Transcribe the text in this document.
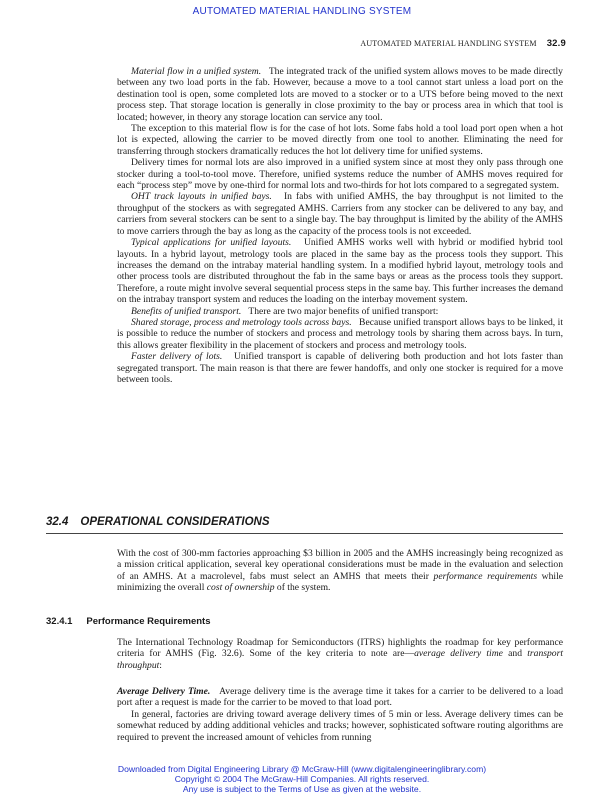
AUTOMATED MATERIAL HANDLING SYSTEM
AUTOMATED MATERIAL HANDLING SYSTEM 32.9

Material flow in a unified system. The integrated track of the unified system allows moves to be made directly between any two load ports in the fab. However, because a move to a tool cannot start unless a load port on the destination tool is open, some completed lots are moved to a stocker or to a UTS before being moved to the next process step. That storage location is generally in close proximity to the bay or process area in which that tool is located; however, in theory any storage location can service any tool.

The exception to this material flow is for the case of hot lots. Some fabs hold a tool load port open when a hot lot is expected, allowing the carrier to be moved directly from one tool to another. Eliminating the need for transferring through stockers dramatically reduces the hot lot delivery time for unified systems.

Delivery times for normal lots are also improved in a unified system since at most they only pass through one stocker during a tool-to-tool move. Therefore, unified systems reduce the number of AMHS moves required for each “process step” move by one-third for normal lots and two-thirds for hot lots compared to a segregated system.

OHT track layouts in unified bays. In fabs with unified AMHS, the bay throughput is not limited to the throughput of the stockers as with segregated AMHS. Carriers from any stocker can be delivered to any bay, and carriers from several stockers can be sent to a single bay. The bay throughput is limited by the ability of the AMHS to move carriers through the bay as long as the capacity of the process tools is not exceeded.

Typical applications for unified layouts. Unified AMHS works well with hybrid or modified hybrid tool layouts. In a hybrid layout, metrology tools are placed in the same bay as the process tools they support. This increases the demand on the intrabay material handling system. In a modified hybrid layout, metrology tools and other process tools are distributed throughout the fab in the same bays or areas as the process tools they support. Therefore, a route might involve several sequential process steps in the same bay. This further increases the demand on the intrabay transport system and reduces the loading on the interbay movement system.

Benefits of unified transport. There are two major benefits of unified transport:

Shared storage, process and metrology tools across bays. Because unified transport allows bays to be linked, it is possible to reduce the number of stockers and process and metrology tools by sharing them across bays. In turn, this allows greater flexibility in the placement of stockers and process and metrology tools.

Faster delivery of lots. Unified transport is capable of delivering both production and hot lots faster than segregated transport. The main reason is that there are fewer handoffs, and only one stocker is required for a move between tools.

32.4 OPERATIONAL CONSIDERATIONS

With the cost of 300-mm factories approaching $3 billion in 2005 and the AMHS increasingly being recognized as a mission critical application, several key operational considerations must be made in the evaluation and selection of an AMHS. At a macrolevel, fabs must select an AMHS that meets their performance requirements while minimizing the overall cost of ownership of the system.

32.4.1 Performance Requirements

The International Technology Roadmap for Semiconductors (ITRS) highlights the roadmap for key performance criteria for AMHS (Fig. 32.6). Some of the key criteria to note are—average delivery time and transport throughput:

Average Delivery Time. Average delivery time is the average time it takes for a carrier to be delivered to a load port after a request is made for the carrier to be moved to that load port.

In general, factories are driving toward average delivery times of 5 min or less. Average delivery times can be somewhat reduced by adding additional vehicles and tracks; however, sophisticated software routing algorithms are required to prevent the increased amount of vehicles from running

Downloaded from Digital Engineering Library @ McGraw-Hill (www.digitalengineeringlibrary.com)
Copyright © 2004 The McGraw-Hill Companies. All rights reserved.
Any use is subject to the Terms of Use as given at the website.
